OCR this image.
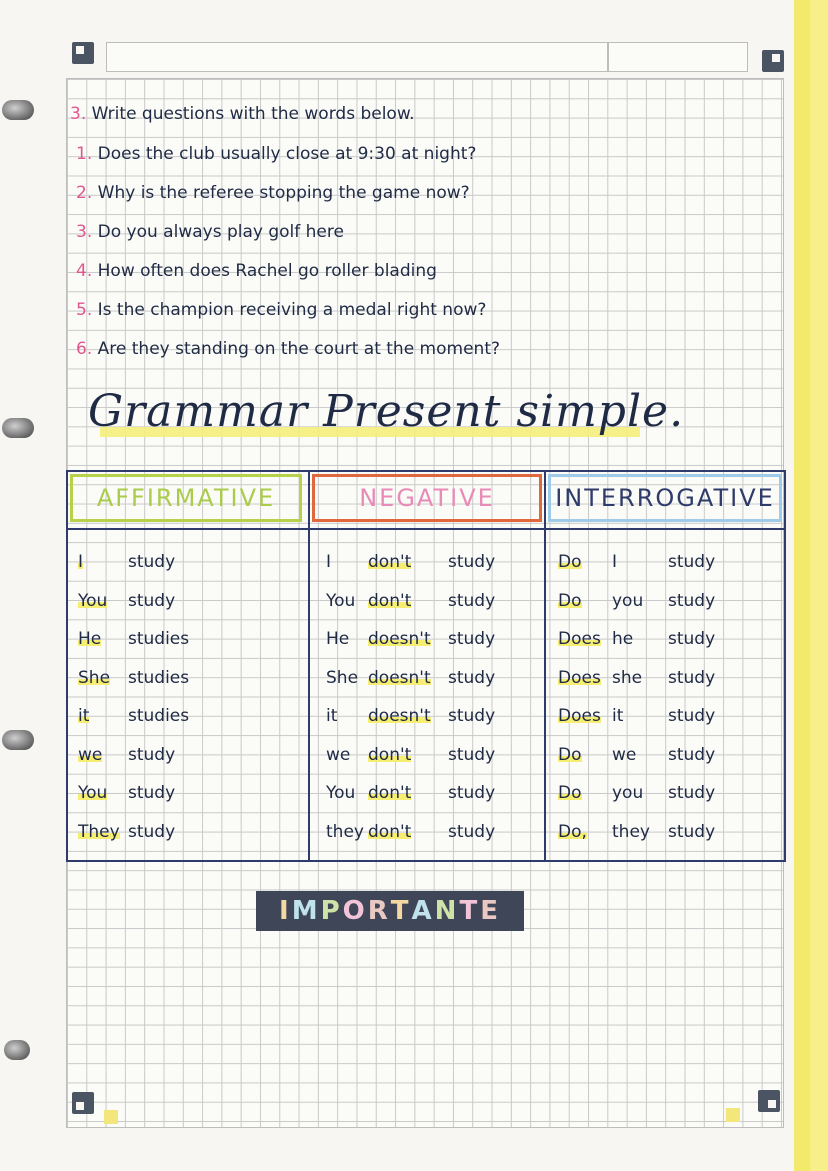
3. Write questions with the words below.
1. Does the club usually close at 9:30 at night?
2. Why is the referee stopping the game now?
3. Do you always play golf here
4. How often does Rachel go roller blading
5. Is the champion receiving a medal right now?
6. Are they standing on the court at the moment?
Grammar Present simple.
AFFIRMATIVE	NEGATIVE	INTERROGATIVE
I	study	I don't study	Do I	study
You study	You don't study	Do you study
He studies	He doesn't study	Does he study
She studies	She doesn't study	Does she study
it studies	it doesn't study	Does it	study
we study	we don't study	Do we study
You study	You don't study	Do you study
They study	they don't study	Do, they study
I M P O R T A N T E
